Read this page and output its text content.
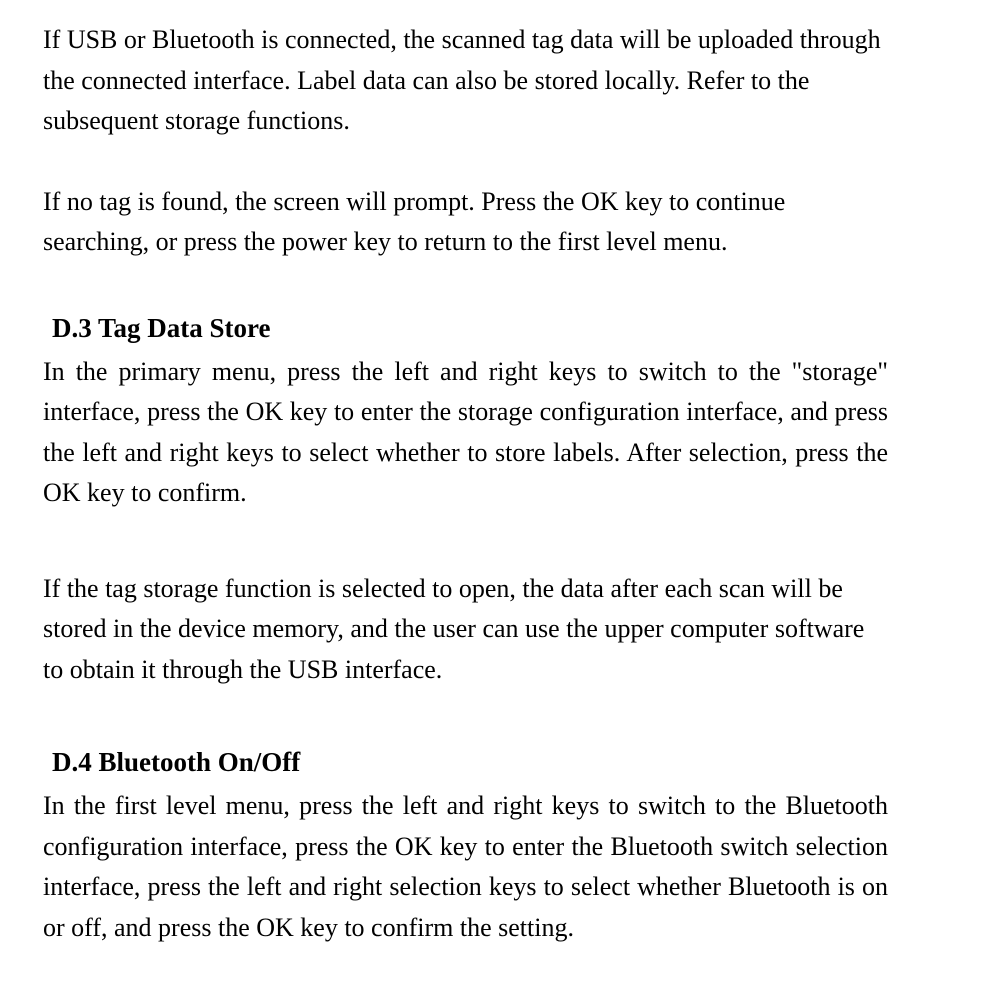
If USB or Bluetooth is connected, the scanned tag data will be uploaded through the connected interface. Label data can also be stored locally. Refer to the subsequent storage functions.

If no tag is found, the screen will prompt. Press the OK key to continue searching, or press the power key to return to the first level menu.

D.3 Tag Data Store

In the primary menu, press the left and right keys to switch to the "storage" interface, press the OK key to enter the storage configuration interface, and press the left and right keys to select whether to store labels. After selection, press the OK key to confirm.

If the tag storage function is selected to open, the data after each scan will be stored in the device memory, and the user can use the upper computer software to obtain it through the USB interface.

D.4 Bluetooth On/Off

In the first level menu, press the left and right keys to switch to the Bluetooth configuration interface, press the OK key to enter the Bluetooth switch selection interface, press the left and right selection keys to select whether Bluetooth is on or off, and press the OK key to confirm the setting.
